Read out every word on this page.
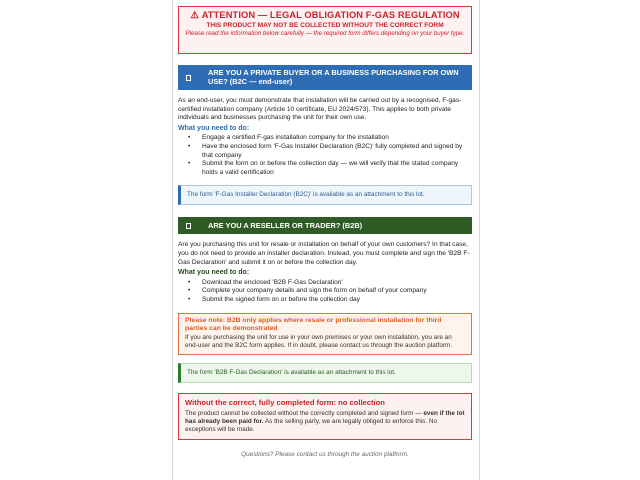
⚠ ATTENTION — LEGAL OBLIGATION F-GAS REGULATION
THIS PRODUCT MAY NOT BE COLLECTED WITHOUT THE CORRECT FORM
Please read the information below carefully — the required form differs depending on your buyer type.
ARE YOU A PRIVATE BUYER OR A BUSINESS PURCHASING FOR OWN USE? (B2C — end-user)
As an end-user, you must demonstrate that installation will be carried out by a recognised, F-gas-certified installation company (Article 10 certificate, EU 2024/573). This applies to both private individuals and businesses purchasing the unit for their own use.
What you need to do:
• Engage a certified F-gas installation company for the installation
• Have the enclosed form 'F-Gas Installer Declaration (B2C)' fully completed and signed by that company
• Submit the form on or before the collection day — we will verify that the stated company holds a valid certification
The form 'F-Gas Installer Declaration (B2C)' is available as an attachment to this lot.
ARE YOU A RESELLER OR TRADER? (B2B)
Are you purchasing this unit for resale or installation on behalf of your own customers? In that case, you do not need to provide an installer declaration. Instead, you must complete and sign the 'B2B F-Gas Declaration' and submit it on or before the collection day.
What you need to do:
• Download the enclosed 'B2B F-Gas Declaration'
• Complete your company details and sign the form on behalf of your company
• Submit the signed form on or before the collection day
Please note: B2B only applies where resale or professional installation for third parties can be demonstrated
If you are purchasing the unit for use in your own premises or your own installation, you are an end-user and the B2C form applies. If in doubt, please contact us through the auction platform.
The form 'B2B F-Gas Declaration' is available as an attachment to this lot.
Without the correct, fully completed form: no collection
The product cannot be collected without the correctly completed and signed form — even if the lot has already been paid for. As the selling party, we are legally obliged to enforce this. No exceptions will be made.
Questions? Please contact us through the auction platform.
